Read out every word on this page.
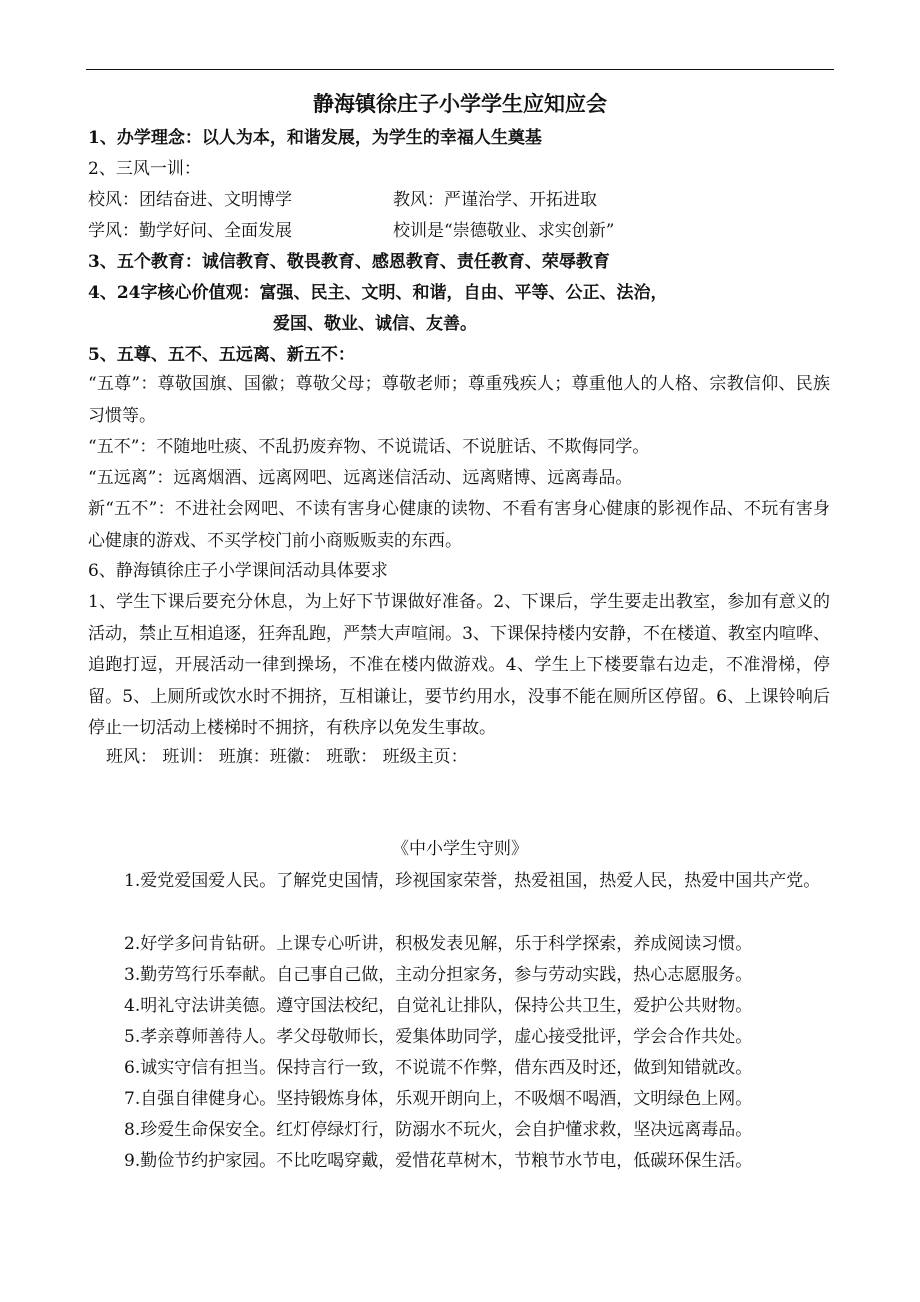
静海镇徐庄子小学学生应知应会
1、办学理念：以人为本，和谐发展，为学生的幸福人生奠基
2、三风一训：
校风：团结奋进、文明博学	教风：严谨治学、开拓进取
学风：勤学好问、全面发展	校训是“崇德敬业、求实创新”
3、五个教育：诚信教育、敬畏教育、感恩教育、责任教育、荣辱教育
4、24字核心价值观：富强、民主、文明、和谐，自由、平等、公正、法治，
爱国、敬业、诚信、友善。
5、五尊、五不、五远离、新五不：
“五尊”：尊敬国旗、国徽；尊敬父母；尊敬老师；尊重残疾人；尊重他人的人格、宗教信仰、民族习惯等。
“五不”：不随地吐痰、不乱扔废弃物、不说谎话、不说脏话、不欺侮同学。
“五远离”：远离烟酒、远离网吧、远离迷信活动、远离赌博、远离毒品。
新“五不”：不进社会网吧、不读有害身心健康的读物、不看有害身心健康的影视作品、不玩有害身心健康的游戏、不买学校门前小商贩贩卖的东西。
6、静海镇徐庄子小学课间活动具体要求
1、学生下课后要充分休息，为上好下节课做好准备。2、下课后，学生要走出教室，参加有意义的活动，禁止互相追逐，狂奔乱跑，严禁大声喧闹。3、下课保持楼内安静，不在楼道、教室内喧哗、追跑打逗，开展活动一律到操场，不准在楼内做游戏。4、学生上下楼要靠右边走，不准滑梯，停留。5、上厕所或饮水时不拥挤，互相谦让，要节约用水，没事不能在厕所区停留。6、上课铃响后停止一切活动上楼梯时不拥挤，有秩序以免发生事故。
班风： 班训： 班旗：班徽： 班歌： 班级主页：
《中小学生守则》
1.爱党爱国爱人民。了解党史国情，珍视国家荣誉，热爱祖国，热爱人民，热爱中国共产党。
2.好学多问肯钻研。上课专心听讲，积极发表见解，乐于科学探索，养成阅读习惯。
3.勤劳笃行乐奉献。自己事自己做，主动分担家务，参与劳动实践，热心志愿服务。
4.明礼守法讲美德。遵守国法校纪，自觉礼让排队，保持公共卫生，爱护公共财物。
5.孝亲尊师善待人。孝父母敬师长，爱集体助同学，虚心接受批评，学会合作共处。
6.诚实守信有担当。保持言行一致，不说谎不作弊，借东西及时还，做到知错就改。
7.自强自律健身心。坚持锻炼身体，乐观开朗向上，不吸烟不喝酒，文明绿色上网。
8.珍爱生命保安全。红灯停绿灯行，防溺水不玩火，会自护懂求救，坚决远离毒品。
9.勤俭节约护家园。不比吃喝穿戴，爱惜花草树木，节粮节水节电，低碳环保生活。
